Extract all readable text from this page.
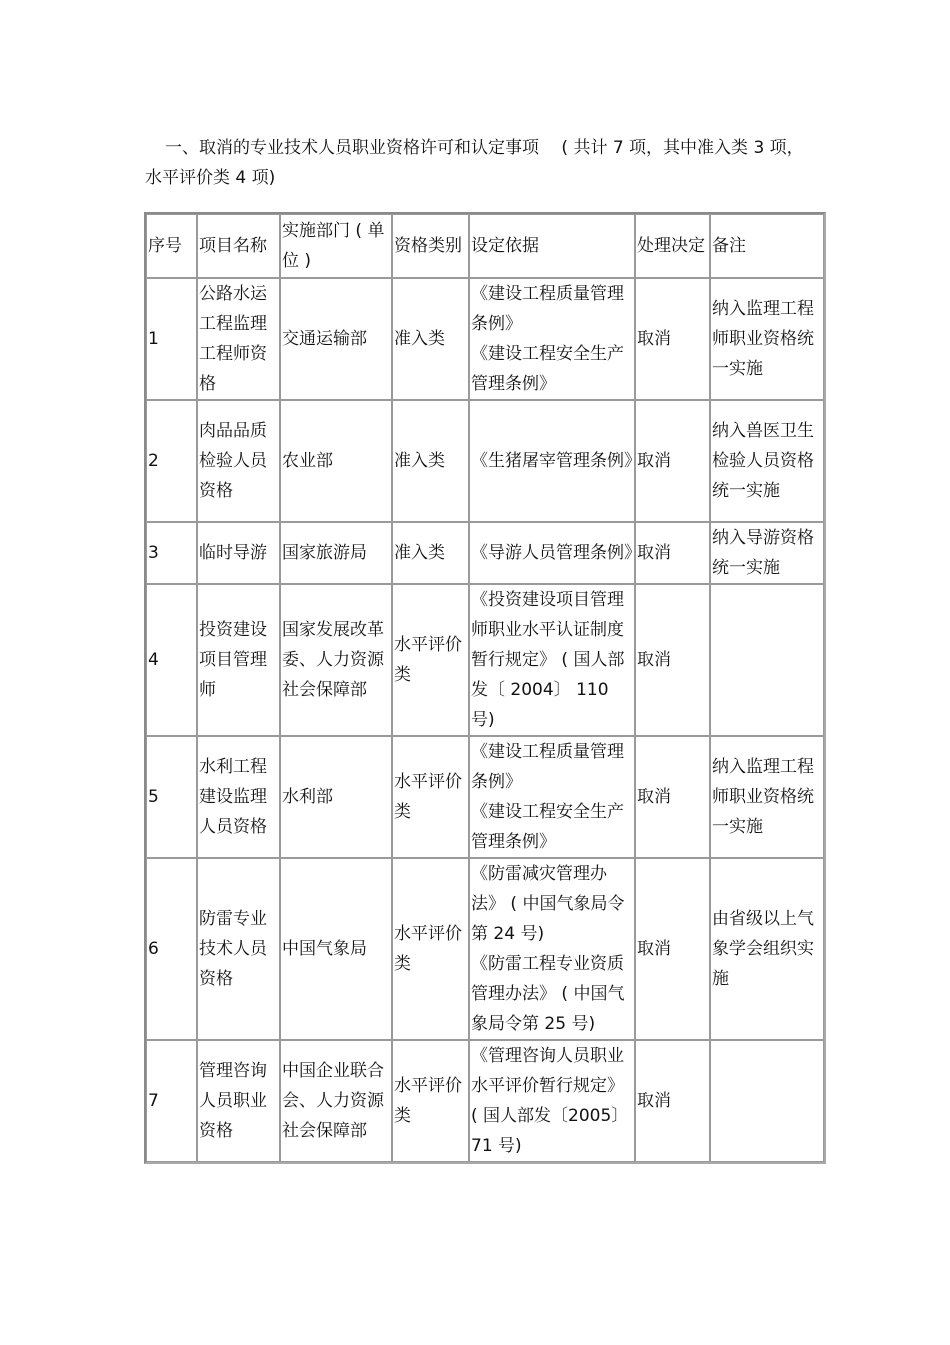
一、取消的专业技术人员职业资格许可和认定事项　 ( 共计 7 项，其中准入类 3 项，水平评价类 4 项)

序号	项目名称	实施部门 ( 单位 )	资格类别	设定依据	处理决定	备注

1	公路水运工程监理工程师资格	交通运输部	准入类	《建设工程质量管理条例》
《建设工程安全生产管理条例》	取消	纳入监理工程师职业资格统一实施

2	肉品品质检验人员资格	农业部	准入类	《生猪屠宰管理条例》	取消	纳入兽医卫生检验人员资格统一实施

3	临时导游	国家旅游局	准入类	《导游人员管理条例》	取消	纳入导游资格统一实施

4	投资建设项目管理师	国家发展改革委、人力资源社会保障部	水平评价类	《投资建设项目管理师职业水平认证制度暂行规定》 ( 国人部发〔 2004〕 110 号)	取消	

5	水利工程建设监理人员资格	水利部	水平评价类	《建设工程质量管理条例》
《建设工程安全生产管理条例》	取消	纳入监理工程师职业资格统一实施

6	防雷专业技术人员资格	中国气象局	水平评价类	《防雷减灾管理办法》 ( 中国气象局令第 24 号)
《防雷工程专业资质管理办法》 ( 中国气象局令第 25 号)	取消	由省级以上气象学会组织实施

7	管理咨询人员职业资格	中国企业联合会、人力资源社会保障部	水平评价类	《管理咨询人员职业水平评价暂行规定》 ( 国人部发〔2005〕 71 号)	取消	
